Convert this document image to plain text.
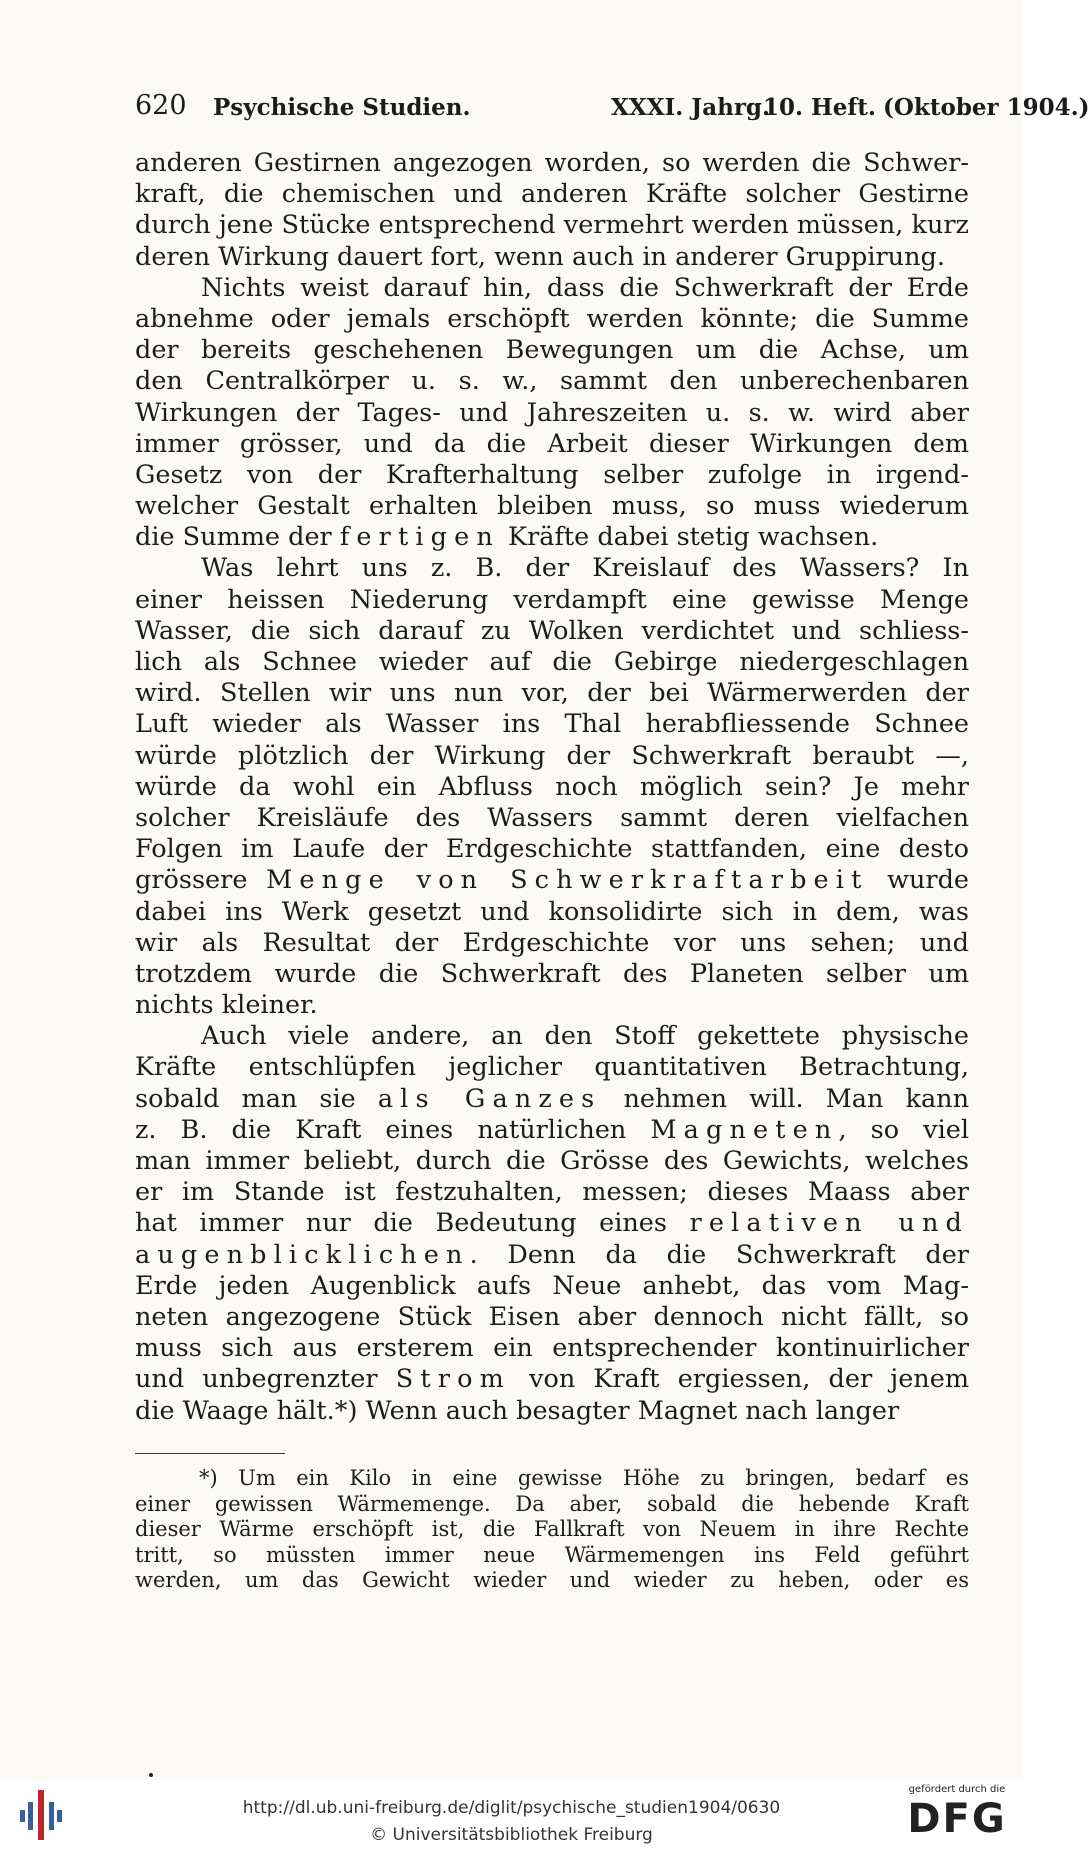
620 Psychische Studien.	XXXI. Jahrg.
10. Heft. (Oktober 1904.)
anderen Gestirnen angezogen worden, so werden die Schwer-
kraft, die chemischen und anderen Kräfte solcher Gestirne
durch jene Stücke entsprechend vermehrt werden müssen, kurz
deren Wirkung dauert fort, wenn auch in anderer Gruppirung.
Nichts weist darauf hin, dass die Schwerkraft der Erde
abnehme oder jemals erschöpft werden könnte; die Summe
der bereits geschehenen Bewegungen um die Achse, um
den Centralkörper u. s. w., sammt den unberechenbaren
Wirkungen der Tages- und Jahreszeiten u. s. w. wird aber
immer grösser, und da die Arbeit dieser Wirkungen dem
Gesetz von der Krafterhaltung selber zufolge in irgend-
welcher Gestalt erhalten bleiben muss, so muss wiederum
die Summe der fertigen Kräfte dabei stetig wachsen.
Was lehrt uns z. B. der Kreislauf des Wassers? In
einer heissen Niederung verdampft eine gewisse Menge
Wasser, die sich darauf zu Wolken verdichtet und schliess-
lich als Schnee wieder auf die Gebirge niedergeschlagen
wird. Stellen wir uns nun vor, der bei Wärmerwerden der
Luft wieder als Wasser ins Thal herabfliessende Schnee
würde plötzlich der Wirkung der Schwerkraft beraubt —,
würde da wohl ein Abfluss noch möglich sein? Je mehr
solcher Kreisläufe des Wassers sammt deren vielfachen
Folgen im Laufe der Erdgeschichte stattfanden, eine desto
grössere Menge von Schwerkraftarbeit wurde
dabei ins Werk gesetzt und konsolidirte sich in dem, was
wir als Resultat der Erdgeschichte vor uns sehen; und
trotzdem wurde die Schwerkraft des Planeten selber um
nichts kleiner.
Auch viele andere, an den Stoff gekettete physische
Kräfte entschlüpfen jeglicher quantitativen Betrachtung,
sobald man sie als Ganzes nehmen will. Man kann
z. B. die Kraft eines natürlichen Magneten, so viel
man immer beliebt, durch die Grösse des Gewichts, welches
er im Stande ist festzuhalten, messen; dieses Maass aber
hat immer nur die Bedeutung eines relativen und
augenblicklichen. Denn da die Schwerkraft der
Erde jeden Augenblick aufs Neue anhebt, das vom Mag-
neten angezogene Stück Eisen aber dennoch nicht fällt, so
muss sich aus ersterem ein entsprechender kontinuirlicher
und unbegrenzter Strom von Kraft ergiessen, der jenem
die Waage hält.*) Wenn auch besagter Magnet nach langer
*) Um ein Kilo in eine gewisse Höhe zu bringen, bedarf es
einer gewissen Wärmemenge. Da aber, sobald die hebende Kraft
dieser Wärme erschöpft ist, die Fallkraft von Neuem in ihre Rechte
tritt, so müssten immer neue Wärmemengen ins Feld geführt
werden, um das Gewicht wieder und wieder zu heben, oder es
http://dl.ub.uni-freiburg.de/diglit/psychische_studien1904/0630
© Universitätsbibliothek Freiburg
gefördert durch die
DFG
